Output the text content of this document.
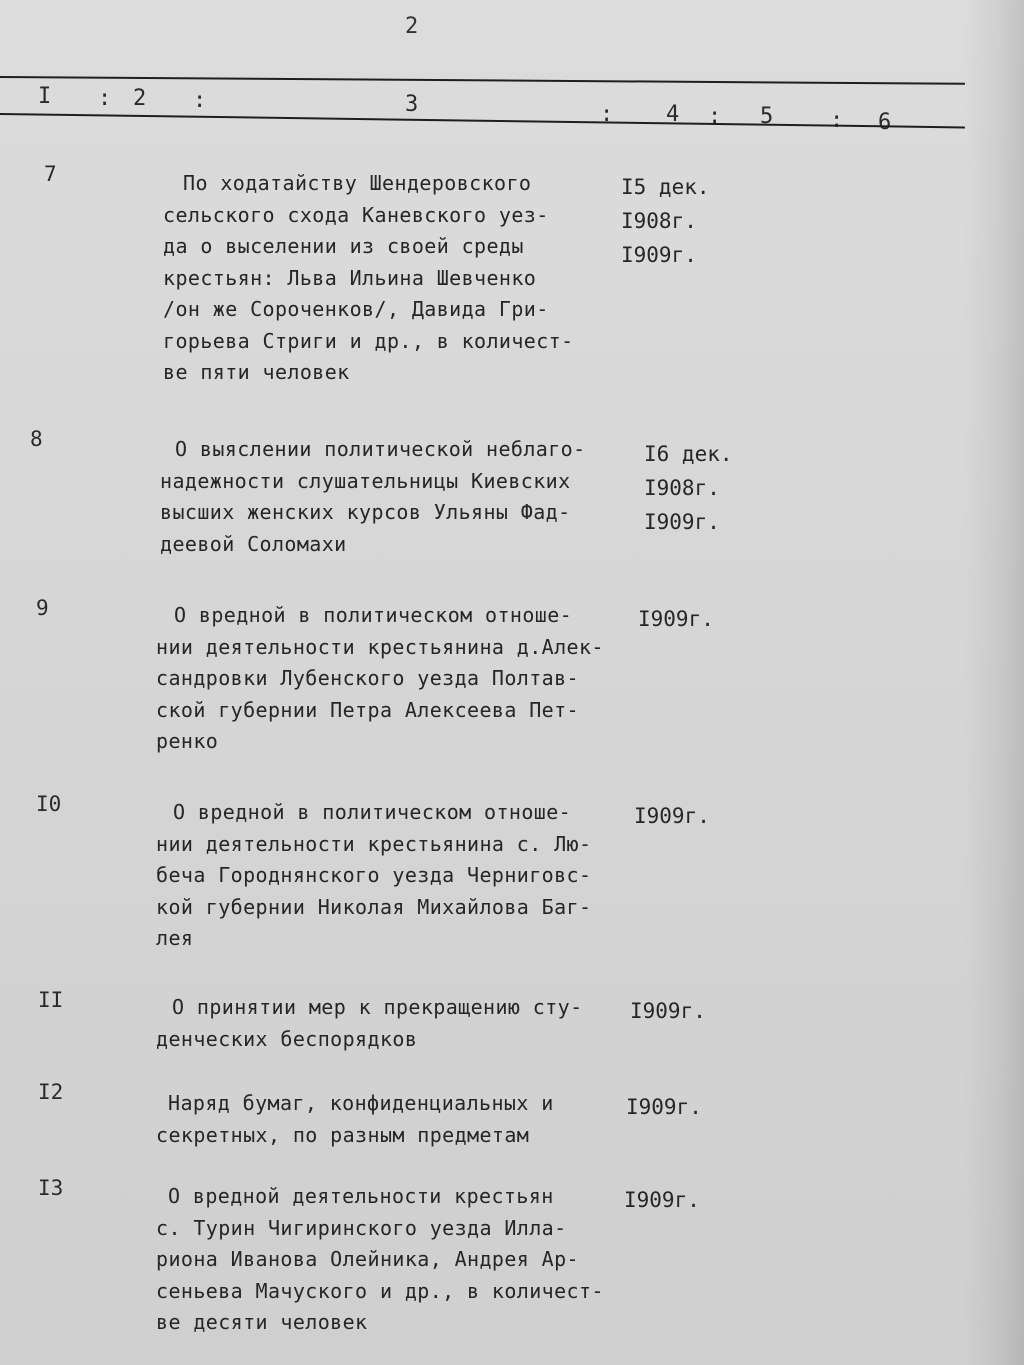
2
I : 2 :	3	: 4 : 5	: 6
7	По ходатайству Шендеровского
сельского схода Каневского уез-
да о выселении из своей среды
крестьян: Льва Ильина Шевченко
/он же Сороченков/, Давида Гри-
горьева Стриги и др., в количест-
ве пяти человек
I5 дек.
I908г.
I909г.
8	О выяслении политической неблаго-
надежности слушательницы Киевских
высших женских курсов Ульяны Фад-
деевой Соломахи
I6 дек.
I908г.
I909г.
9	О вредной в политическом отноше-
нии деятельности крестьянина д.Алек-
сандровки Лубенского уезда Полтав-
ской губернии Петра Алексеева Пет-
ренко
I909г.
I0	О вредной в политическом отноше-
нии деятельности крестьянина с. Лю-
беча Городнянского уезда Черниговс-
кой губернии Николая Михайлова Баг-
лея
I909г.
II	О принятии мер к прекращению сту-
денческих беспорядков
I909г.
I2	Наряд бумаг, конфиденциальных и
секретных, по разным предметам
I909г.
I3	О вредной деятельности крестьян
с. Турин Чигиринского уезда Илла-
риона Иванова Олейника, Андрея Ар-
сеньева Мачуского и др., в количест-
ве десяти человек
I909г.
